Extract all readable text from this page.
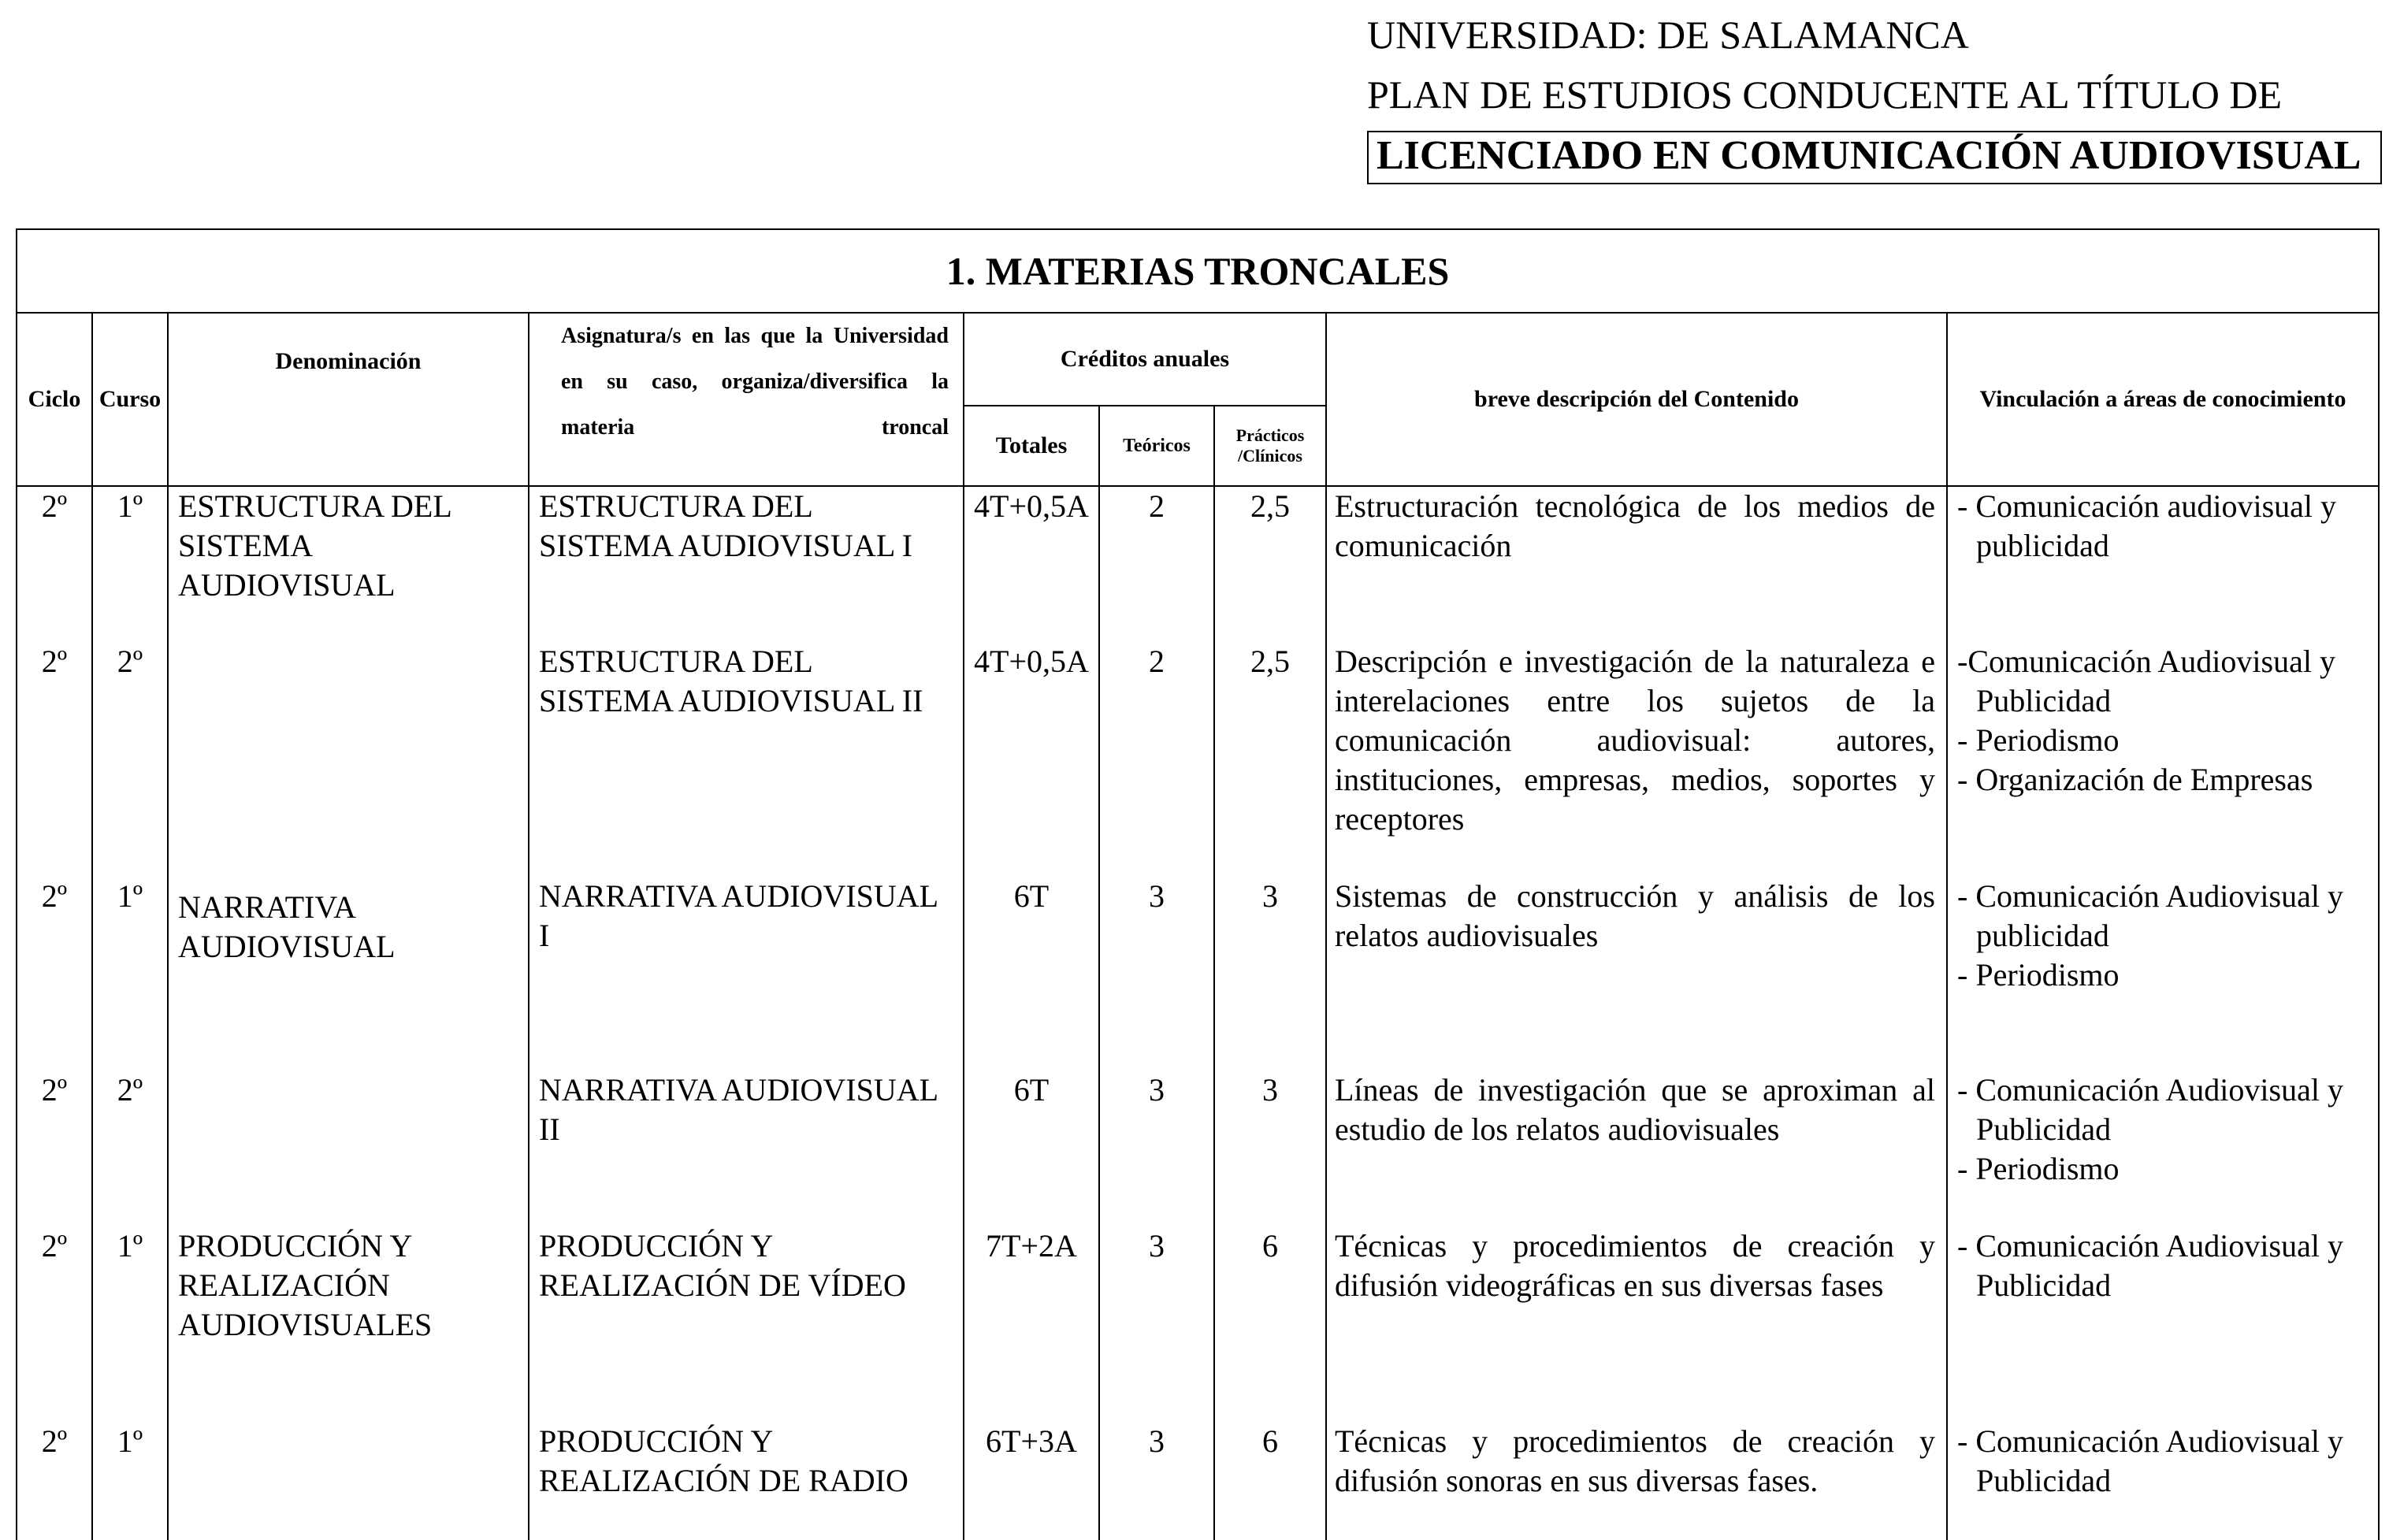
UNIVERSIDAD: DE SALAMANCA
PLAN DE ESTUDIOS CONDUCENTE AL TÍTULO DE
LICENCIADO EN COMUNICACIÓN AUDIOVISUAL
1. MATERIAS TRONCALES								
Ciclo	Curso	Denominación	Asignatura/s en las que la Universidad en su caso, organiza/diversifica la materia troncal	Créditos anuales			breve descripción del Contenido	Vinculación a áreas de conocimiento
				Totales	Teóricos	Prácticos /Clínicos		
2º	1º	ESTRUCTURA DEL SISTEMA AUDIOVISUAL	ESTRUCTURA DEL SISTEMA AUDIOVISUAL I	4T+0,5A	2	2,5	Estructuración tecnológica de los medios de comunicación	- Comunicación audiovisual y publicidad

2º	2º		ESTRUCTURA DEL SISTEMA AUDIOVISUAL II	4T+0,5A	2	2,5	Descripción e investigación de la naturaleza e interelaciones entre los sujetos de la comunicación audiovisual: autores, instituciones, empresas, medios, soportes y receptores	-Comunicación Audiovisual y Publicidad
- Periodismo
- Organización de Empresas

2º	1º	NARRATIVA AUDIOVISUAL	NARRATIVA AUDIOVISUAL I	6T	3	3	Sistemas de construcción y análisis de los relatos audiovisuales	- Comunicación Audiovisual y publicidad
- Periodismo

2º	2º		NARRATIVA AUDIOVISUAL II	6T	3	3	Líneas de investigación que se aproximan al estudio de los relatos audiovisuales	- Comunicación Audiovisual y Publicidad
- Periodismo

2º	1º	PRODUCCIÓN Y REALIZACIÓN AUDIOVISUALES	PRODUCCIÓN Y REALIZACIÓN DE VÍDEO	7T+2A	3	6	Técnicas y procedimientos de creación y difusión videográficas en sus diversas fases	- Comunicación Audiovisual y Publicidad

2º	1º		PRODUCCIÓN Y REALIZACIÓN DE RADIO	6T+3A	3	6	Técnicas y procedimientos de creación y difusión sonoras en sus diversas fases.	- Comunicación Audiovisual y Publicidad
